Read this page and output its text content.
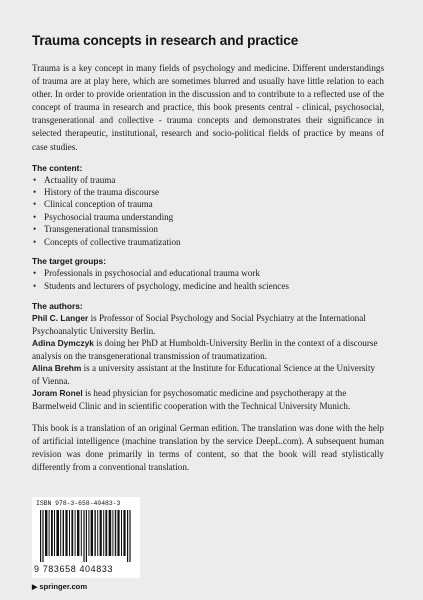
Trauma concepts in research and practice

Trauma is a key concept in many fields of psychology and medicine. Different understandings of trauma are at play here, which are sometimes blurred and usually have little relation to each other. In order to provide orientation in the discussion and to contribute to a reflected use of the concept of trauma in research and practice, this book presents central - clinical, psychosocial, transgenerational and collective - trauma concepts and demonstrates their significance in selected therapeutic, institutional, research and socio-political fields of practice by means of case studies.

The content:

• Actuality of trauma
• History of the trauma discourse
• Clinical conception of trauma
• Psychosocial trauma understanding
• Transgenerational transmission
• Concepts of collective traumatization

The target groups:

• Professionals in psychosocial and educational trauma work
• Students and lecturers of psychology, medicine and health sciences

The authors:

Phil C. Langer is Professor of Social Psychology and Social Psychiatry at the International Psychoanalytic University Berlin.

Adina Dymczyk is doing her PhD at Humboldt-University Berlin in the context of a discourse analysis on the transgenerational transmission of traumatization.

Alina Brehm is a university assistant at the Institute for Educational Science at the University of Vienna.

Joram Ronel is head physician for psychosomatic medicine and psychotherapy at the Barmelweid Clinic and in scientific cooperation with the Technical University Munich.

This book is a translation of an original German edition. The translation was done with the help of artificial intelligence (machine translation by the service DeepL.com). A subsequent human revision was done primarily in terms of content, so that the book will read stylistically differently from a conventional translation.

ISBN 978-3-658-40483-3
9 783658 404833
▶ springer.com
